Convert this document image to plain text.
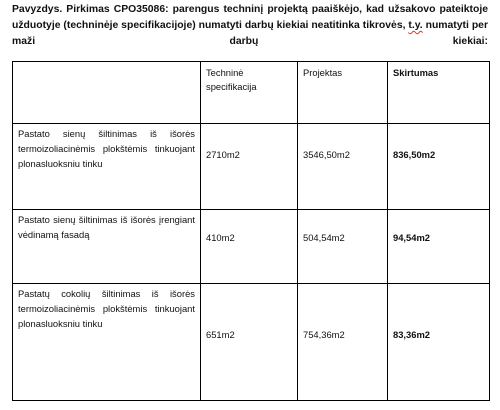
Pavyzdys. Pirkimas CPO35086: parengus techninį projektą paaiškėjo, kad užsakovo pateiktoje užduotyje (techninėje specifikacijoje) numatyti darbų kiekiai neatitinka tikrovės, t.y. numatyti per maži darbų kiekiai:

	Techninė specifikacija	Projektas	Skirtumas

Pastato sienų šiltinimas iš išorės termoizoliacinėmis plokštėmis tinkuojant plonasluoksniu tinku	2710m2	3546,50m2	836,50m2

Pastato sienų šiltinimas iš išorės įrengiant vėdinamą fasadą	410m2	504,54m2	94,54m2

Pastatų cokolių šiltinimas iš išorės termoizoliacinėmis plokštėmis tinkuojant plonasluoksniu tinku	651m2	754,36m2	83,36m2
